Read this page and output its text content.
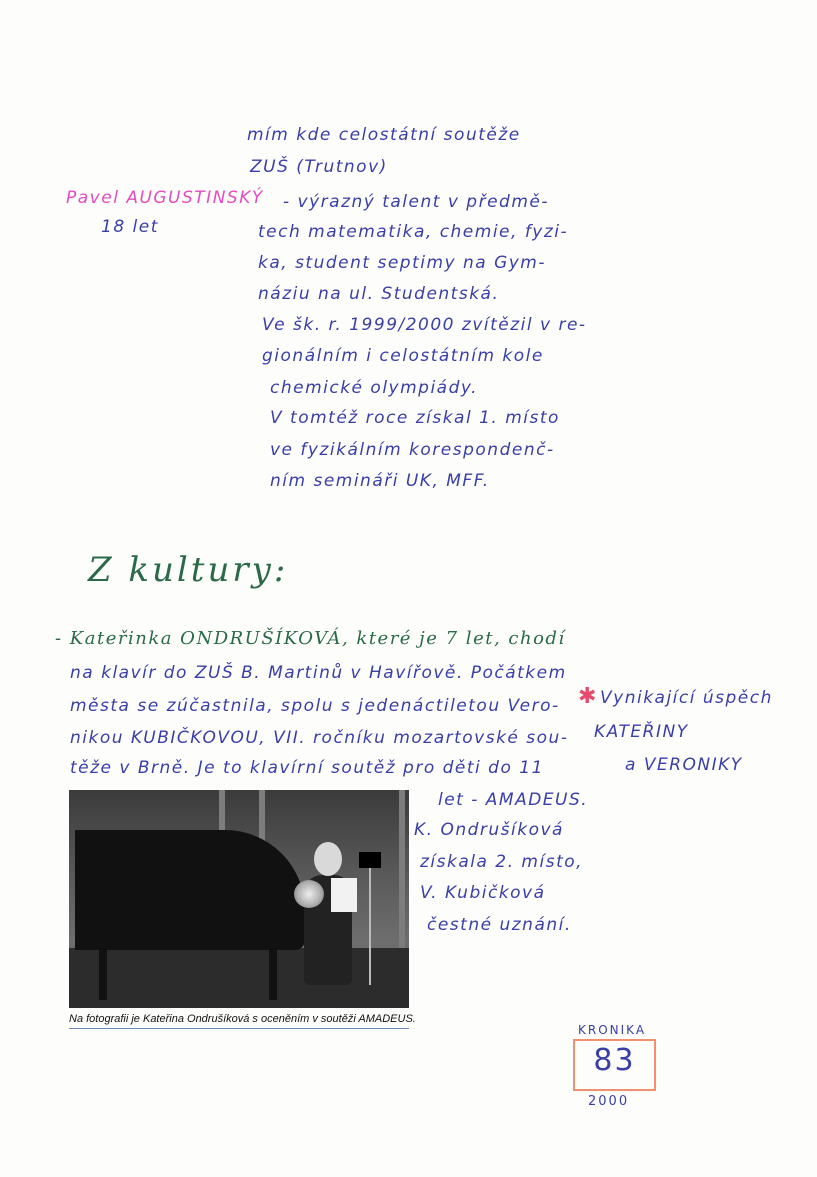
mím kde celostátní soutěže
ZUŠ (Trutnov)
Pavel AUGUSTINSKÝ
18 let
- výrazný talent v předmě-
tech matematika, chemie, fyzi-
ka, student septimy na Gym-
náziu na ul. Studentská.
Ve šk. r. 1999/2000 zvítězil v re-
gionálním i celostátním kole
chemické olympiády.
V tomtéž roce získal 1. místo
ve fyzikálním korespondenč-
ním semináři UK, MFF.
Z kultury:
- Kateřinka ONDRUŠÍKOVÁ, které je 7 let, chodí
na klavír do ZUŠ B. Martinů v Havířově. Počátkem
města se zúčastnila, spolu s jedenáctiletou Vero-
nikou KUBIČKOVOU, VII. ročníku mozartovské sou-
těže v Brně. Je to klavírní soutěž pro děti do 11
let - AMADEUS.
K. Ondrušíková
získala 2. místo,
V. Kubičková
čestné uznání.
✱ Vynikající úspěch
KATEŘINY
a VERONIKY
Na fotografii je Kateřina Ondrušíková s oceněním v soutěži AMADEUS.
KRONIKA
83
2000
